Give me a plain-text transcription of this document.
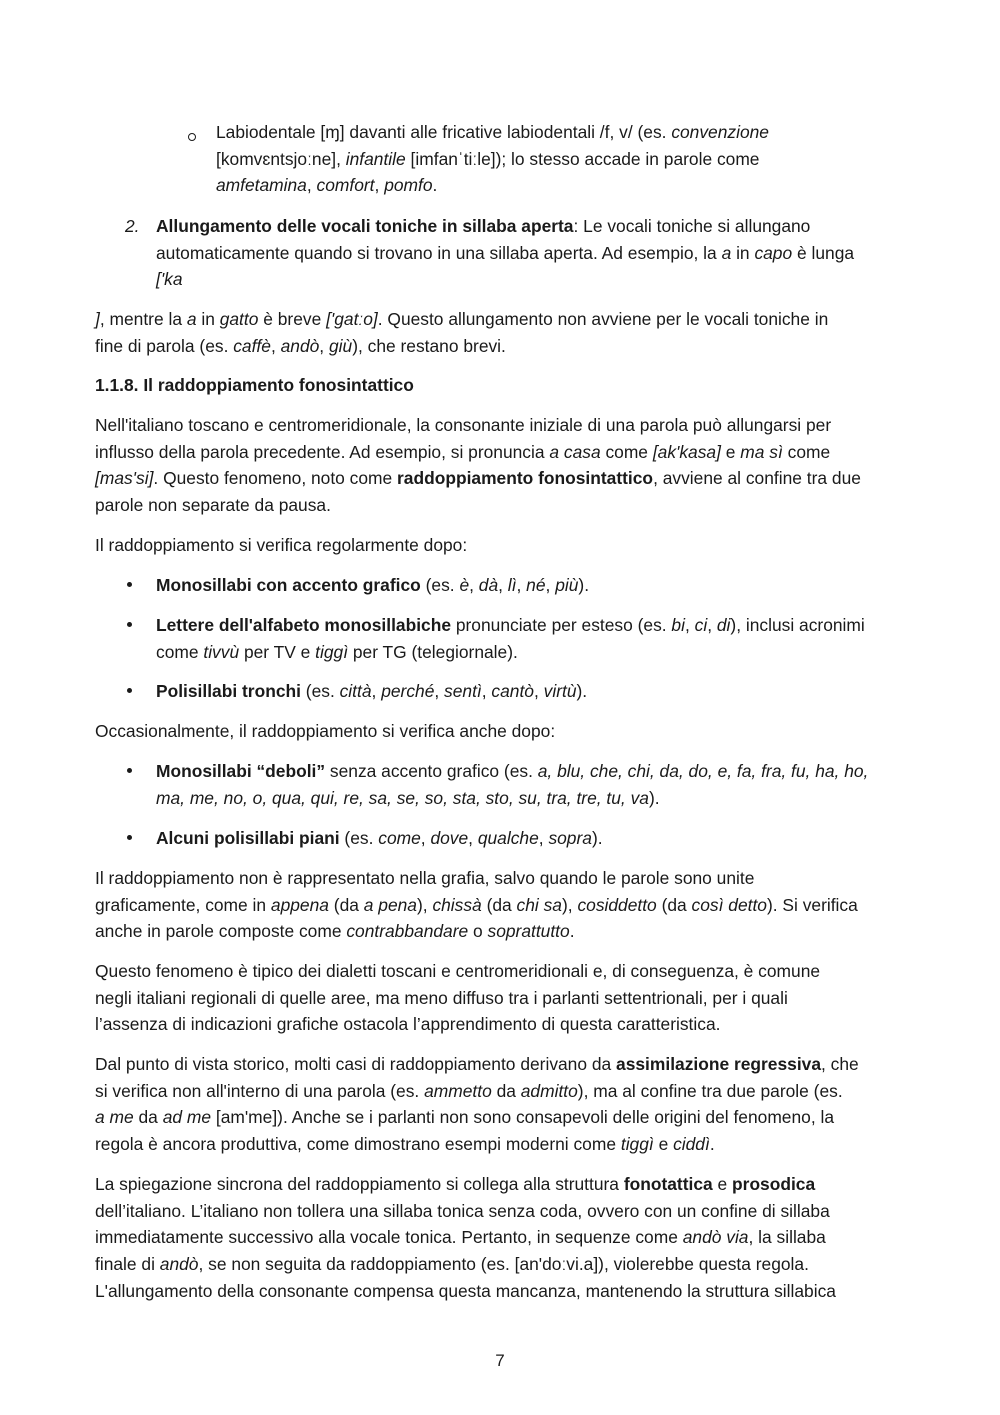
Labiodentale [ɱ] davanti alle fricative labiodentali /f, v/ (es. convenzione
[komvɛntsjoːne], infantile [imfanˈtiːle]); lo stesso accade in parole come
amfetamina, comfort, pomfo.
2. Allungamento delle vocali toniche in sillaba aperta: Le vocali toniche si allungano
automaticamente quando si trovano in una sillaba aperta. Ad esempio, la a in capo è lunga
['ka
], mentre la a in gatto è breve ['gatːo]. Questo allungamento non avviene per le vocali toniche in
fine di parola (es. caffè, andò, giù), che restano brevi.
1.1.8. Il raddoppiamento fonosintattico
Nell'italiano toscano e centromeridionale, la consonante iniziale di una parola può allungarsi per
influsso della parola precedente. Ad esempio, si pronuncia a casa come [ak'kasa] e ma sì come
[mas'si]. Questo fenomeno, noto come raddoppiamento fonosintattico, avviene al confine tra due
parole non separate da pausa.
Il raddoppiamento si verifica regolarmente dopo:
Monosillabi con accento grafico (es. è, dà, lì, né, più).
Lettere dell'alfabeto monosillabiche pronunciate per esteso (es. bi, ci, di), inclusi acronimi
come tivvù per TV e tiggì per TG (telegiornale).
Polisillabi tronchi (es. città, perché, sentì, cantò, virtù).
Occasionalmente, il raddoppiamento si verifica anche dopo:
Monosillabi “deboli” senza accento grafico (es. a, blu, che, chi, da, do, e, fa, fra, fu, ha, ho,
ma, me, no, o, qua, qui, re, sa, se, so, sta, sto, su, tra, tre, tu, va).
Alcuni polisillabi piani (es. come, dove, qualche, sopra).
Il raddoppiamento non è rappresentato nella grafia, salvo quando le parole sono unite
graficamente, come in appena (da a pena), chissà (da chi sa), cosiddetto (da così detto). Si verifica
anche in parole composte come contrabbandare o soprattutto.
Questo fenomeno è tipico dei dialetti toscani e centromeridionali e, di conseguenza, è comune
negli italiani regionali di quelle aree, ma meno diffuso tra i parlanti settentrionali, per i quali
l’assenza di indicazioni grafiche ostacola l’apprendimento di questa caratteristica.
Dal punto di vista storico, molti casi di raddoppiamento derivano da assimilazione regressiva, che
si verifica non all'interno di una parola (es. ammetto da admitto), ma al confine tra due parole (es.
a me da ad me [am'me]). Anche se i parlanti non sono consapevoli delle origini del fenomeno, la
regola è ancora produttiva, come dimostrano esempi moderni come tiggì e ciddì.
La spiegazione sincrona del raddoppiamento si collega alla struttura fonotattica e prosodica
dell’italiano. L’italiano non tollera una sillaba tonica senza coda, ovvero con un confine di sillaba
immediatamente successivo alla vocale tonica. Pertanto, in sequenze come andò via, la sillaba
finale di andò, se non seguita da raddoppiamento (es. [an'doːvi.a]), violerebbe questa regola.
L'allungamento della consonante compensa questa mancanza, mantenendo la struttura sillabica
7
